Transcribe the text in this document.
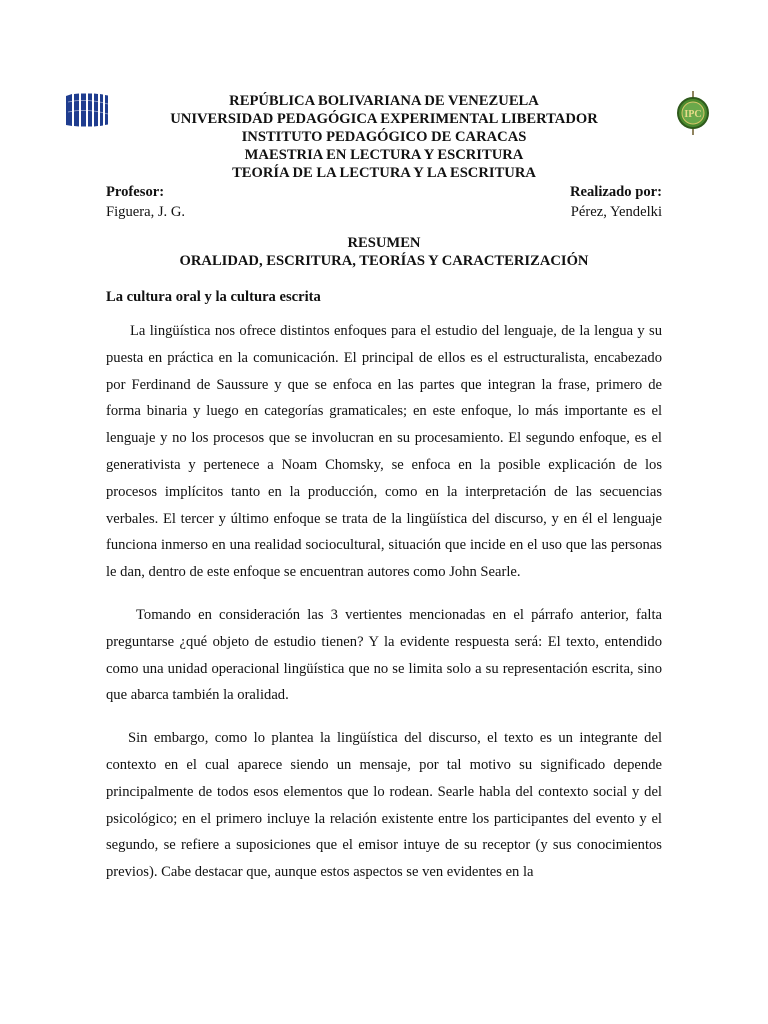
IPC
REPÚBLICA BOLIVARIANA DE VENEZUELA
UNIVERSIDAD PEDAGÓGICA EXPERIMENTAL LIBERTADOR
INSTITUTO PEDAGÓGICO DE CARACAS
MAESTRIA EN LECTURA Y ESCRITURA
TEORÍA DE LA LECTURA Y LA ESCRITURA
Profesor:	Realizado por:
Figuera, J. G.	Pérez, Yendelki
RESUMEN
ORALIDAD, ESCRITURA, TEORÍAS Y CARACTERIZACIÓN
La cultura oral y la cultura escrita

La lingüística nos ofrece distintos enfoques para el estudio del lenguaje, de la lengua y su puesta en práctica en la comunicación. El principal de ellos es el estructuralista, encabezado por Ferdinand de Saussure y que se enfoca en las partes que integran la frase, primero de forma binaria y luego en categorías gramaticales; en este enfoque, lo más importante es el lenguaje y no los procesos que se involucran en su procesamiento. El segundo enfoque, es el generativista y pertenece a Noam Chomsky, se enfoca en la posible explicación de los procesos implícitos tanto en la producción, como en la interpretación de las secuencias verbales. El tercer y último enfoque se trata de la lingüística del discurso, y en él el lenguaje funciona inmerso en una realidad sociocultural, situación que incide en el uso que las personas le dan, dentro de este enfoque se encuentran autores como John Searle.

Tomando en consideración las 3 vertientes mencionadas en el párrafo anterior, falta preguntarse ¿qué objeto de estudio tienen? Y la evidente respuesta será: El texto, entendido como una unidad operacional lingüística que no se limita solo a su representación escrita, sino que abarca también la oralidad.

Sin embargo, como lo plantea la lingüística del discurso, el texto es un integrante del contexto en el cual aparece siendo un mensaje, por tal motivo su significado depende principalmente de todos esos elementos que lo rodean. Searle habla del contexto social y del psicológico; en el primero incluye la relación existente entre los participantes del evento y el segundo, se refiere a suposiciones que el emisor intuye de su receptor (y sus conocimientos previos). Cabe destacar que, aunque estos aspectos se ven evidentes en la
